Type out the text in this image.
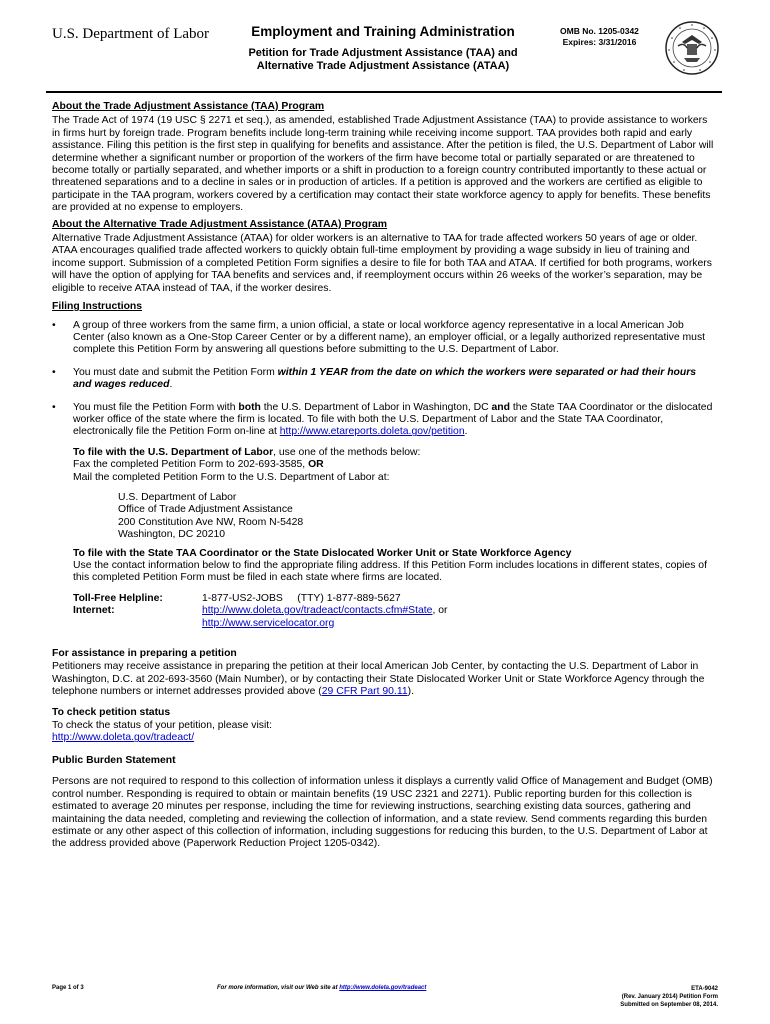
U.S. Department of Labor	Employment and Training Administration
Petition for Trade Adjustment Assistance (TAA) and
Alternative Trade Adjustment Assistance (ATAA)
OMB No. 1205-0342
Expires: 3/31/2016
About the Trade Adjustment Assistance (TAA) Program

The Trade Act of 1974 (19 USC § 2271 et seq.), as amended, established Trade Adjustment Assistance (TAA) to provide assistance to workers in firms hurt by foreign trade. Program benefits include long-term training while receiving income support. TAA provides both rapid and early assistance. Filing this petition is the first step in qualifying for benefits and assistance. After the petition is filed, the U.S. Department of Labor will determine whether a significant number or proportion of the workers of the firm have become total or partially separated or are threatened to become totally or partially separated, and whether imports or a shift in production to a foreign country contributed importantly to these actual or threatened separations and to a decline in sales or in production of articles. If a petition is approved and the workers are certified as eligible to participate in the TAA program, workers covered by a certification may contact their state workforce agency to apply for benefits. These benefits are provided at no expense to employers.

About the Alternative Trade Adjustment Assistance (ATAA) Program

Alternative Trade Adjustment Assistance (ATAA) for older workers is an alternative to TAA for trade affected workers 50 years of age or older. ATAA encourages qualified trade affected workers to quickly obtain full-time employment by providing a wage subsidy in lieu of training and income support. Submission of a completed Petition Form signifies a desire to file for both TAA and ATAA. If certified for both programs, workers will have the option of applying for TAA benefits and services and, if reemployment occurs within 26 weeks of the worker’s separation, may be eligible to receive ATAA instead of TAA, if the worker desires.

Filing Instructions
• A group of three workers from the same firm, a union official, a state or local workforce agency representative in a local American Job Center (also known as a One-Stop Career Center or by a different name), an employer official, or a legally authorized representative must complete this Petition Form by answering all questions before submitting to the U.S. Department of Labor.
• You must date and submit the Petition Form within 1 YEAR from the date on which the workers were separated or had their hours and wages reduced.
• You must file the Petition Form with both the U.S. Department of Labor in Washington, DC and the State TAA Coordinator or the dislocated worker office of the state where the firm is located. To file with both the U.S. Department of Labor and the State TAA Coordinator, electronically file the Petition Form on-line at http://www.etareports.doleta.gov/petition.

To file with the U.S. Department of Labor, use one of the methods below:

Fax the completed Petition Form to 202-693-3585, OR

Mail the completed Petition Form to the U.S. Department of Labor at:

U.S. Department of Labor

Office of Trade Adjustment Assistance

200 Constitution Ave NW, Room N-5428

Washington, DC 20210

To file with the State TAA Coordinator or the State Dislocated Worker Unit or State Workforce Agency

Use the contact information below to find the appropriate filing address. If this Petition Form includes locations in different states, copies of this completed Petition Form must be filed in each state where firms are located.

Toll-Free Helpline:	1-877-US2-JOBS     (TTY) 1-877-889-5627
Internet:	http://www.doleta.gov/tradeact/contacts.cfm#State, or
http://www.servicelocator.org
For assistance in preparing a petition

Petitioners may receive assistance in preparing the petition at their local American Job Center, by contacting the U.S. Department of Labor in Washington, D.C. at 202-693-3560 (Main Number), or by contacting their State Dislocated Worker Unit or State Workforce Agency through the telephone numbers or internet addresses provided above (29 CFR Part 90.11).

To check petition status

To check the status of your petition, please visit:

http://www.doleta.gov/tradeact/

Public Burden Statement

Persons are not required to respond to this collection of information unless it displays a currently valid Office of Management and Budget (OMB) control number. Responding is required to obtain or maintain benefits (19 USC 2321 and 2271). Public reporting burden for this collection is estimated to average 20 minutes per response, including the time for reviewing instructions, searching existing data sources, gathering and maintaining the data needed, completing and reviewing the collection of information, and a state review. Send comments regarding this burden estimate or any other aspect of this collection of information, including suggestions for reducing this burden, to the U.S. Department of Labor at the address provided above (Paperwork Reduction Project 1205-0342).

Page 1 of 3	For more information, visit our Web site at http://www.doleta.gov/tradeact	ETA-9042
(Rev. January 2014) Petition Form
Submitted on September 08, 2014.
